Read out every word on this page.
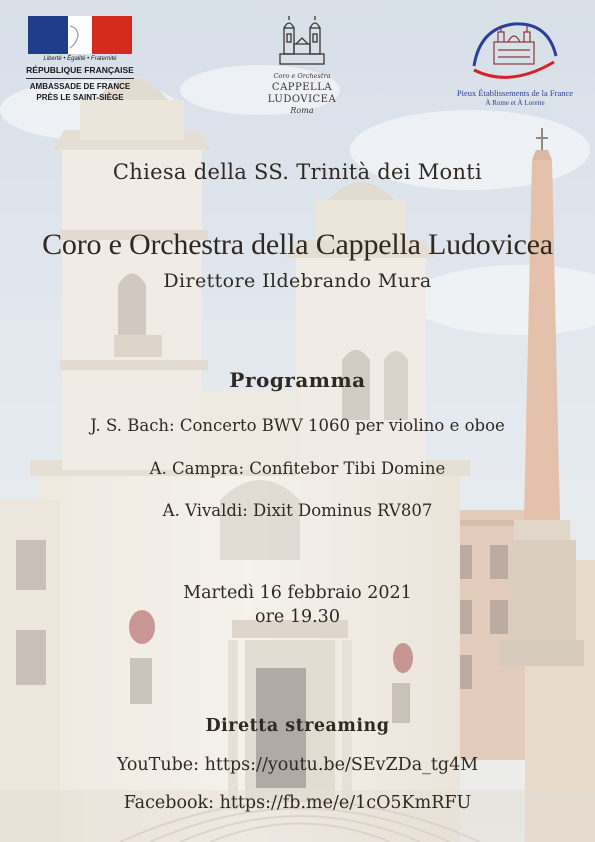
Liberté • Égalité • Fraternité
RÉPUBLIQUE FRANÇAISE
AMBASSADE DE FRANCE
PRÈS LE SAINT-SIÈGE
Coro e Orchestra
CAPPELLA
LUDOVICEA
Roma
Pieux Établissements de la France
À Rome et À Lorette
Chiesa della SS. Trinità dei Monti
Coro e Orchestra della Cappella Ludovicea
Direttore Ildebrando Mura
Programma
J. S. Bach: Concerto BWV 1060 per violino e oboe
A. Campra: Confitebor Tibi Domine
A. Vivaldi: Dixit Dominus RV807
Martedì 16 febbraio 2021
ore 19.30
Diretta streaming
YouTube: https://youtu.be/SEvZDa_tg4M
Facebook: https://fb.me/e/1cO5KmRFU
